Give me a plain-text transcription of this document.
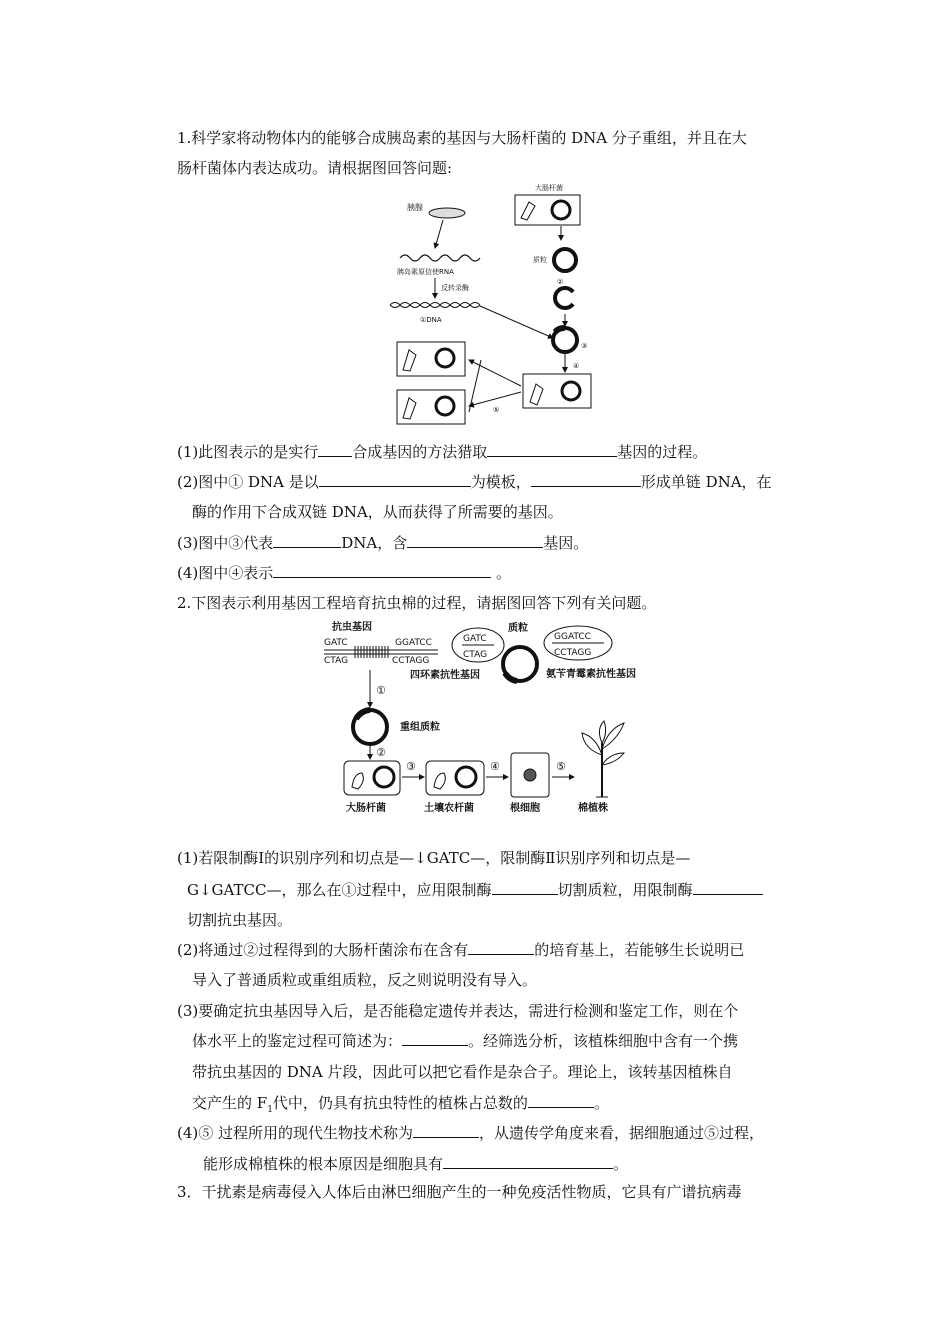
1.科学家将动物体内的能够合成胰岛素的基因与大肠杆菌的 DNA 分子重组，并且在大
肠杆菌体内表达成功。请根据图回答问题:
胰腺
胰岛素原信使RNA
反转录酶
①DNA
大肠杆菌
质粒
②
③
④
⑤
(1)此图表示的是实行 合成基因的方法猎取	基因的过程。
(2)图中① DNA 是以	为模板，	形成单链 DNA，在
酶的作用下合成双链 DNA，从而获得了所需要的基因。
(3)图中③代表	DNA，含	基因。
(4)图中④表示	。
2.下图表示利用基因工程培育抗虫棉的过程，请据图回答下列有关问题。
抗虫基因
GATC
CTAG
GGATCC
CCTAGG
GATC
CTAG
质粒
GGATCC
CCTAGG
四环素抗性基因	氨苄青霉素抗性基因
①
重组质粒
②
大肠杆菌
③
土壤农杆菌
④
根细胞
⑤
棉植株
(1)若限制酶Ⅰ的识别序列和切点是—↓GATC—，限制酶Ⅱ识别序列和切点是—
G↓GATCC—，那么在①过程中，应用限制酶	切割质粒，用限制酶
切割抗虫基因。
(2)将通过②过程得到的大肠杆菌涂布在含有	的培育基上，若能够生长说明已
导入了普通质粒或重组质粒，反之则说明没有导入。
(3)要确定抗虫基因导入后，是否能稳定遗传并表达，需进行检测和鉴定工作，则在个
体水平上的鉴定过程可简述为：	。经筛选分析，该植株细胞中含有一个携
带抗虫基因的 DNA 片段，因此可以把它看作是杂合子。理论上，该转基因植株自
交产生的 $F_1$代中，仍具有抗虫特性的植株占总数的	。
(4)⑤ 过程所用的现代生物技术称为	，从遗传学角度来看，据细胞通过⑤过程，
能形成棉植株的根本原因是细胞具有	。
3．干扰素是病毒侵入人体后由淋巴细胞产生的一种免疫活性物质，它具有广谱抗病毒
